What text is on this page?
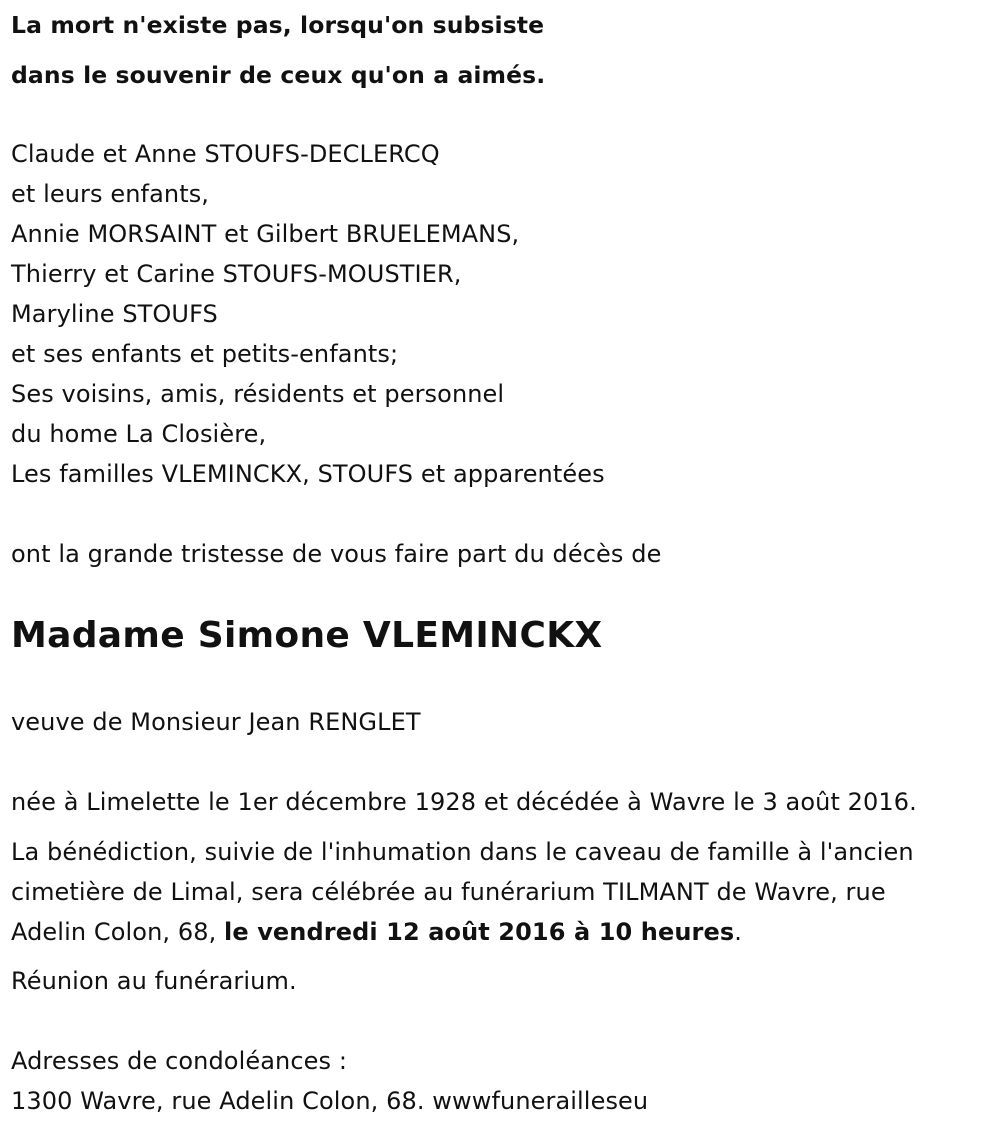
La mort n'existe pas, lorsqu'on subsiste
dans le souvenir de ceux qu'on a aimés.
Claude et Anne STOUFS-DECLERCQ
et leurs enfants,
Annie MORSAINT et Gilbert BRUELEMANS,
Thierry et Carine STOUFS-MOUSTIER,
Maryline STOUFS
et ses enfants et petits-enfants;
Ses voisins, amis, résidents et personnel
du home La Closière,
Les familles VLEMINCKX, STOUFS et apparentées
ont la grande tristesse de vous faire part du décès de
Madame Simone VLEMINCKX
veuve de Monsieur Jean RENGLET
née à Limelette le 1er décembre 1928 et décédée à Wavre le 3 août 2016.
La bénédiction, suivie de l'inhumation dans le caveau de famille à l'ancien
cimetière de Limal, sera célébrée au funérarium TILMANT de Wavre, rue
Adelin Colon, 68, le vendredi 12 août 2016 à 10 heures.
Réunion au funérarium.
Adresses de condoléances :
1300 Wavre, rue Adelin Colon, 68. wwwfunerailleseu
